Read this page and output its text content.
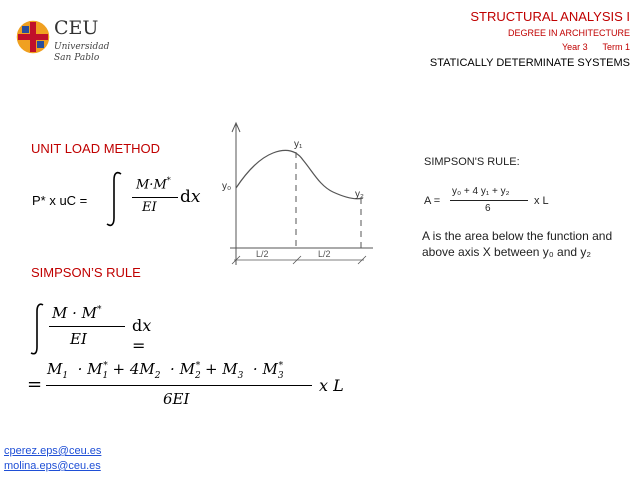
CEU
Universidad
San Pablo
STRUCTURAL ANALYSIS I
DEGREE IN ARCHITECTURE
Year 3 Term 1
STATICALLY DETERMINATE SYSTEMS
UNIT LOAD METHOD
P* x uC =
M·M*
EI
dx
SIMPSON’S RULE
M · M*
EI
dx =
=
$M_1 \cdot M_1^* + 4M_2 \cdot M_2^* + M_3 \cdot M_3^*$
6EI
x L
y₀
y₁
y₂
L/2	L/2
SIMPSON'S RULE:
A =
y₀ + 4 y₁ + y₂
6
x L
A is the area below the function and
above axis X between y₀ and y₂
cperez.eps@ceu.es
molina.eps@ceu.es
